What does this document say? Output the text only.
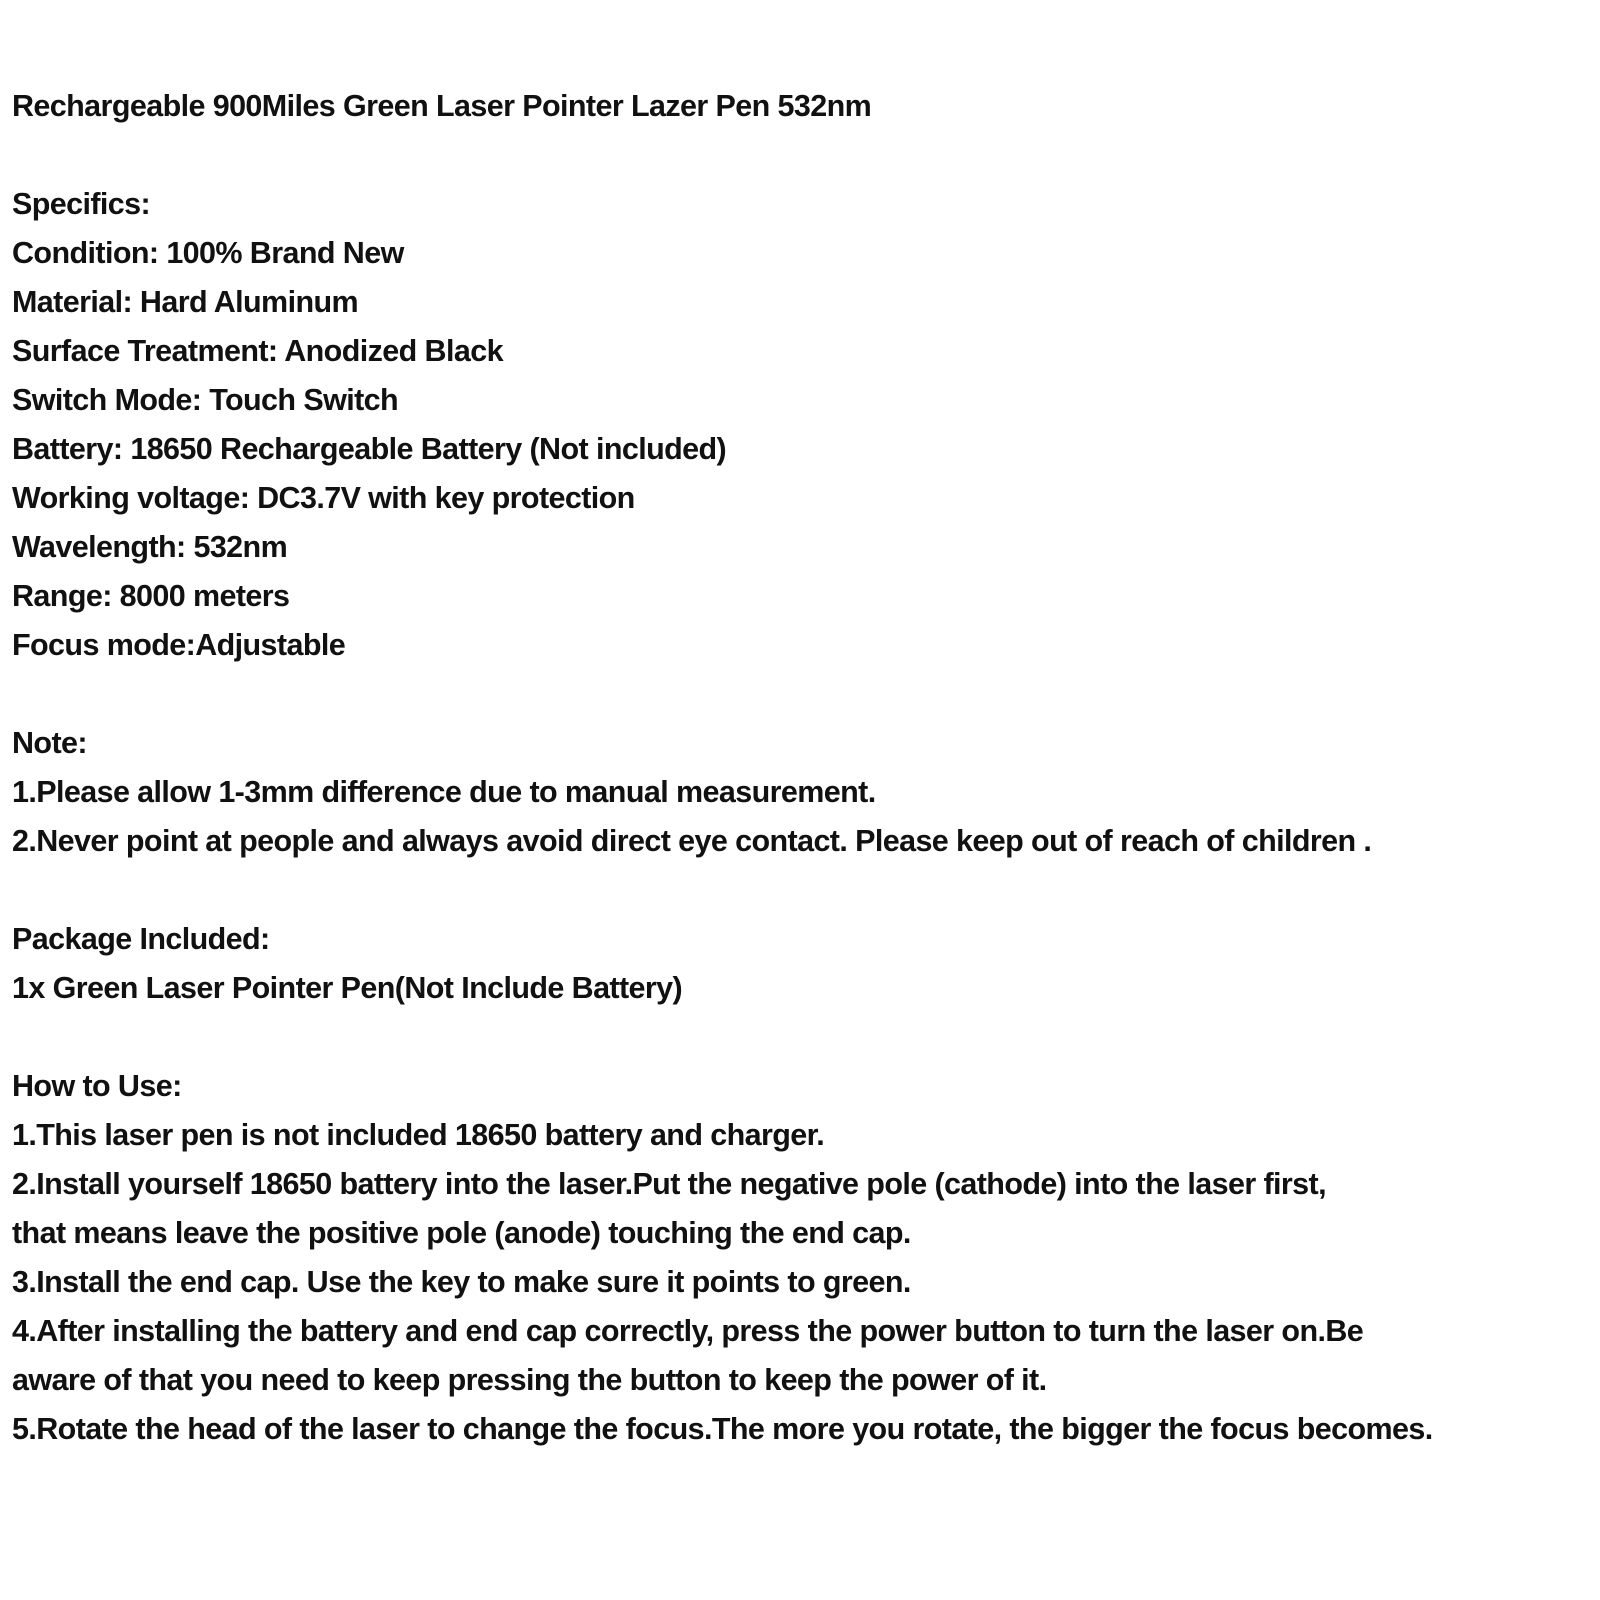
Rechargeable 900Miles Green Laser Pointer Lazer Pen 532nm
Specifics:
Condition: 100% Brand New
Material: Hard Aluminum
Surface Treatment: Anodized Black
Switch Mode: Touch Switch
Battery: 18650 Rechargeable Battery (Not included)
Working voltage: DC3.7V with key protection
Wavelength: 532nm
Range: 8000 meters
Focus mode:Adjustable
Note:
1.Please allow 1-3mm difference due to manual measurement.
2.Never point at people and always avoid direct eye contact. Please keep out of reach of children .
Package Included:
1x Green Laser Pointer Pen(Not Include Battery)
How to Use:
1.This laser pen is not included 18650 battery and charger.
2.Install yourself 18650 battery into the laser.Put the negative pole (cathode) into the laser first,
that means leave the positive pole (anode) touching the end cap.
3.Install the end cap. Use the key to make sure it points to green.
4.After installing the battery and end cap correctly, press the power button to turn the laser on.Be
aware of that you need to keep pressing the button to keep the power of it.
5.Rotate the head of the laser to change the focus.The more you rotate, the bigger the focus becomes.
